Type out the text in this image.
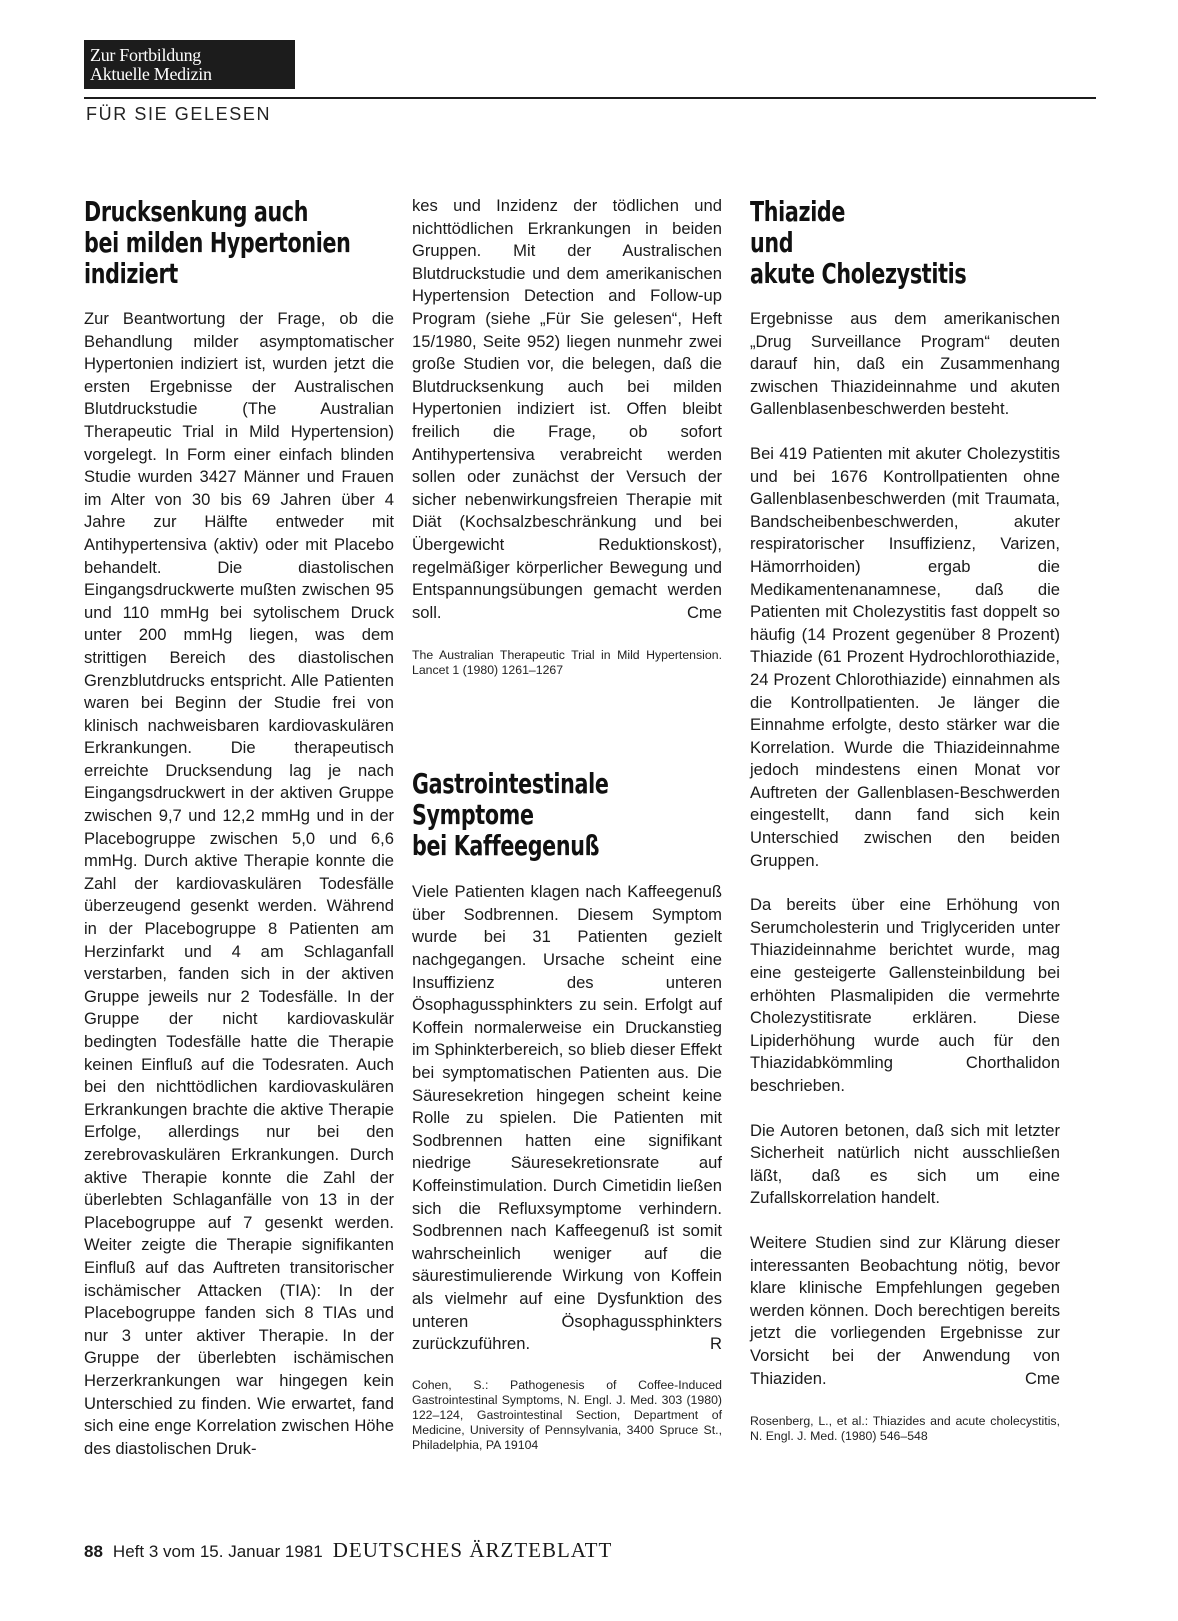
Zur Fortbildung
Aktuelle Medizin
FÜR SIE GELESEN
Drucksenkung auch
bei milden Hypertonien
indiziert

Zur Beantwortung der Frage, ob die Behandlung milder asymptomatischer Hypertonien indiziert ist, wurden jetzt die ersten Ergebnisse der Australischen Blutdruckstudie (The Australian Therapeutic Trial in Mild Hypertension) vorgelegt. In Form einer einfach blinden Studie wurden 3427 Männer und Frauen im Alter von 30 bis 69 Jahren über 4 Jahre zur Hälfte entweder mit Antihypertensiva (aktiv) oder mit Placebo behandelt. Die diastolischen Eingangsdruckwerte mußten zwischen 95 und 110 mmHg bei sytolischem Druck unter 200 mmHg liegen, was dem strittigen Bereich des diastolischen Grenzblutdrucks entspricht. Alle Patienten waren bei Beginn der Studie frei von klinisch nachweisbaren kardiovaskulären Erkrankungen. Die therapeutisch erreichte Drucksendung lag je nach Eingangsdruckwert in der aktiven Gruppe zwischen 9,7 und 12,2 mmHg und in der Placebogruppe zwischen 5,0 und 6,6 mmHg. Durch aktive Therapie konnte die Zahl der kardiovaskulären Todesfälle überzeugend gesenkt werden. Während in der Placebogruppe 8 Patienten am Herzinfarkt und 4 am Schlaganfall verstarben, fanden sich in der aktiven Gruppe jeweils nur 2 Todesfälle. In der Gruppe der nicht kardiovaskulär bedingten Todesfälle hatte die Therapie keinen Einfluß auf die Todesraten. Auch bei den nichttödlichen kardiovaskulären Erkrankungen brachte die aktive Therapie Erfolge, allerdings nur bei den zerebrovaskulären Erkrankungen. Durch aktive Therapie konnte die Zahl der überlebten Schlaganfälle von 13 in der Placebogruppe auf 7 gesenkt werden. Weiter zeigte die Therapie signifikanten Einfluß auf das Auftreten transitorischer ischämischer Attacken (TIA): In der Placebogruppe fanden sich 8 TIAs und nur 3 unter aktiver Therapie. In der Gruppe der überlebten ischämischen Herzerkrankungen war hingegen kein Unterschied zu finden. Wie erwartet, fand sich eine enge Korrelation zwischen Höhe des diastolischen Druk-

kes und Inzidenz der tödlichen und nichttödlichen Erkrankungen in beiden Gruppen. Mit der Australischen Blutdruckstudie und dem amerikanischen Hypertension Detection and Follow-up Program (siehe „Für Sie gelesen“, Heft 15/1980, Seite 952) liegen nunmehr zwei große Studien vor, die belegen, daß die Blutdrucksenkung auch bei milden Hypertonien indiziert ist. Offen bleibt freilich die Frage, ob sofort Antihypertensiva verabreicht werden sollen oder zunächst der Versuch der sicher nebenwirkungsfreien Therapie mit Diät (Kochsalzbeschränkung und bei Übergewicht Reduktionskost), regelmäßiger körperlicher Bewegung und Entspannungsübungen gemacht werden soll.	Cme

The Australian Therapeutic Trial in Mild Hypertension. Lancet 1 (1980) 1261–1267

Gastrointestinale
Symptome
bei Kaffeegenuß

Viele Patienten klagen nach Kaffeegenuß über Sodbrennen. Diesem Symptom wurde bei 31 Patienten gezielt nachgegangen. Ursache scheint eine Insuffizienz des unteren Ösophagussphinkters zu sein. Erfolgt auf Koffein normalerweise ein Druckanstieg im Sphinkterbereich, so blieb dieser Effekt bei symptomatischen Patienten aus. Die Säuresekretion hingegen scheint keine Rolle zu spielen. Die Patienten mit Sodbrennen hatten eine signifikant niedrige Säuresekretionsrate auf Koffeinstimulation. Durch Cimetidin ließen sich die Refluxsymptome verhindern. Sodbrennen nach Kaffeegenuß ist somit wahrscheinlich weniger auf die säurestimulierende Wirkung von Koffein als vielmehr auf eine Dysfunktion des unteren Ösophagussphinkters zurückzuführen.	R

Cohen, S.: Pathogenesis of Coffee-Induced Gastrointestinal Symptoms, N. Engl. J. Med. 303 (1980) 122–124, Gastrointestinal Section, Department of Medicine, University of Pennsylvania, 3400 Spruce St., Philadelphia, PA 19104

Thiazide
und
akute Cholezystitis

Ergebnisse aus dem amerikanischen „Drug Surveillance Program“ deuten darauf hin, daß ein Zusammenhang zwischen Thiazideinnahme und akuten Gallenblasenbeschwerden besteht.

Bei 419 Patienten mit akuter Cholezystitis und bei 1676 Kontrollpatienten ohne Gallenblasenbeschwerden (mit Traumata, Bandscheibenbeschwerden, akuter respiratorischer Insuffizienz, Varizen, Hämorrhoiden) ergab die Medikamentenanamnese, daß die Patienten mit Cholezystitis fast doppelt so häufig (14 Prozent gegenüber 8 Prozent) Thiazide (61 Prozent Hydrochlorothiazide, 24 Prozent Chlorothiazide) einnahmen als die Kontrollpatienten. Je länger die Einnahme erfolgte, desto stärker war die Korrelation. Wurde die Thiazideinnahme jedoch mindestens einen Monat vor Auftreten der Gallenblasen-Beschwerden eingestellt, dann fand sich kein Unterschied zwischen den beiden Gruppen.

Da bereits über eine Erhöhung von Serumcholesterin und Triglyceriden unter Thiazideinnahme berichtet wurde, mag eine gesteigerte Gallensteinbildung bei erhöhten Plasmalipiden die vermehrte Cholezystitisrate erklären. Diese Lipiderhöhung wurde auch für den Thiazidabkömmling Chorthalidon beschrieben.

Die Autoren betonen, daß sich mit letzter Sicherheit natürlich nicht ausschließen läßt, daß es sich um eine Zufallskorrelation handelt.

Weitere Studien sind zur Klärung dieser interessanten Beobachtung nötig, bevor klare klinische Empfehlungen gegeben werden können. Doch berechtigen bereits jetzt die vorliegenden Ergebnisse zur Vorsicht bei der Anwendung von Thiaziden.	Cme

Rosenberg, L., et al.: Thiazides and acute cholecystitis, N. Engl. J. Med. (1980) 546–548

88 Heft 3 vom 15. Januar 1981 DEUTSCHES ÄRZTEBLATT
